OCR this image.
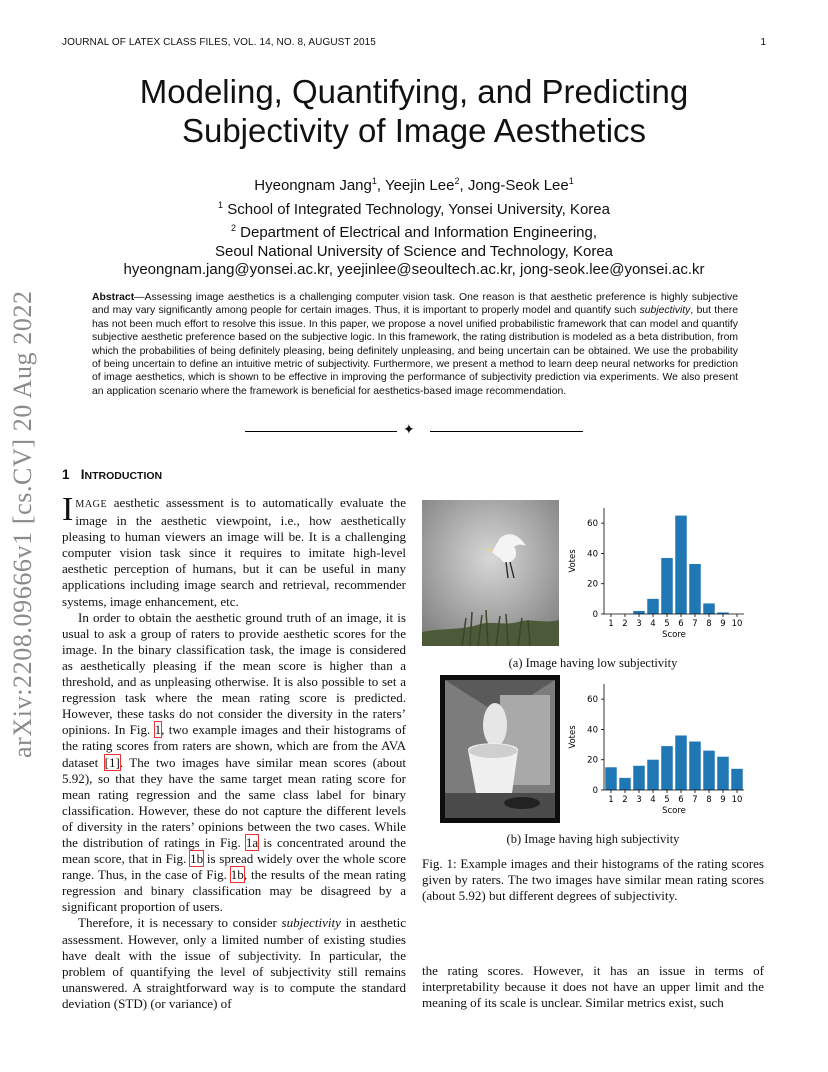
JOURNAL OF LATEX CLASS FILES, VOL. 14, NO. 8, AUGUST 2015	1
Modeling, Quantifying, and Predicting
Subjectivity of Image Aesthetics
Hyeongnam Jang$^1$, Yeejin Lee$^2$, Jong-Seok Lee$^1$
$^1$ School of Integrated Technology, Yonsei University, Korea
$^2$ Department of Electrical and Information Engineering,
Seoul National University of Science and Technology, Korea
hyeongnam.jang@yonsei.ac.kr, yeejinlee@seoultech.ac.kr, jong-seok.lee@yonsei.ac.kr
arXiv:2208.09666v1 [cs.CV] 20 Aug 2022	Abstract—Assessing image aesthetics is a challenging computer vision task. One reason is that aesthetic preference is highly subjective and may vary significantly among people for certain images. Thus, it is important to properly model and quantify such subjectivity, but there has not been much effort to resolve this issue. In this paper, we propose a novel unified probabilistic framework that can model and quantify subjective aesthetic preference based on the subjective logic. In this framework, the rating distribution is modeled as a beta distribution, from which the probabilities of being definitely pleasing, being definitely unpleasing, and being uncertain can be obtained. We use the probability of being uncertain to define an intuitive metric of subjectivity. Furthermore, we present a method to learn deep neural networks for prediction of image aesthetics, which is shown to be effective in improving the performance of subjectivity prediction via experiments. We also present an application scenario where the framework is beneficial for aesthetics-based image recommendation.
✦
1 INTRODUCTION

IMAGE aesthetic assessment is to automatically evaluate the image in the aesthetic viewpoint, i.e., how aesthetically pleasing to human viewers an image will be. It is a challenging computer vision task since it requires to imitate high-level aesthetic perception of humans, but it can be useful in many applications including image search and retrieval, recommender systems, image enhancement, etc.

In order to obtain the aesthetic ground truth of an image, it is usual to ask a group of raters to provide aesthetic scores for the image. In the binary classification task, the image is considered as aesthetically pleasing if the mean score is higher than a threshold, and as unpleasing otherwise. It is also possible to set a regression task where the mean rating score is predicted. However, these tasks do not consider the diversity in the raters’ opinions. In Fig. 1, two example images and their histograms of the rating scores from raters are shown, which are from the AVA dataset [1]. The two images have similar mean scores (about 5.92), so that they have the same target mean rating score for mean rating regression and the same class label for binary classification. However, these do not capture the different levels of diversity in the raters’ opinions between the two cases. While the distribution of ratings in Fig. 1a is concentrated around the mean score, that in Fig. 1b is spread widely over the whole score range. Thus, in the case of Fig. 1b, the results of the mean rating regression and binary classification may be disagreed by a significant proportion of users.

Therefore, it is necessary to consider subjectivity in aesthetic assessment. However, only a limited number of existing studies have dealt with the issue of subjectivity. In particular, the problem of quantifying the level of subjectivity still remains unanswered. A straightforward way is to compute the standard deviation (STD) (or variance) of

1 2 3 4 5 6 7 8 9 10
0
20
40
60
Score
Votes
(a) Image having low subjectivity
1 2 3 4 5 6 7 8 9 10
0
20
40
60
Score
Votes
(b) Image having high subjectivity
Fig. 1: Example images and their histograms of the rating scores given by raters. The two images have similar mean rating scores (about 5.92) but different degrees of subjectivity.
the rating scores. However, it has an issue in terms of interpretability because it does not have an upper limit and the meaning of its scale is unclear. Similar metrics exist, such
